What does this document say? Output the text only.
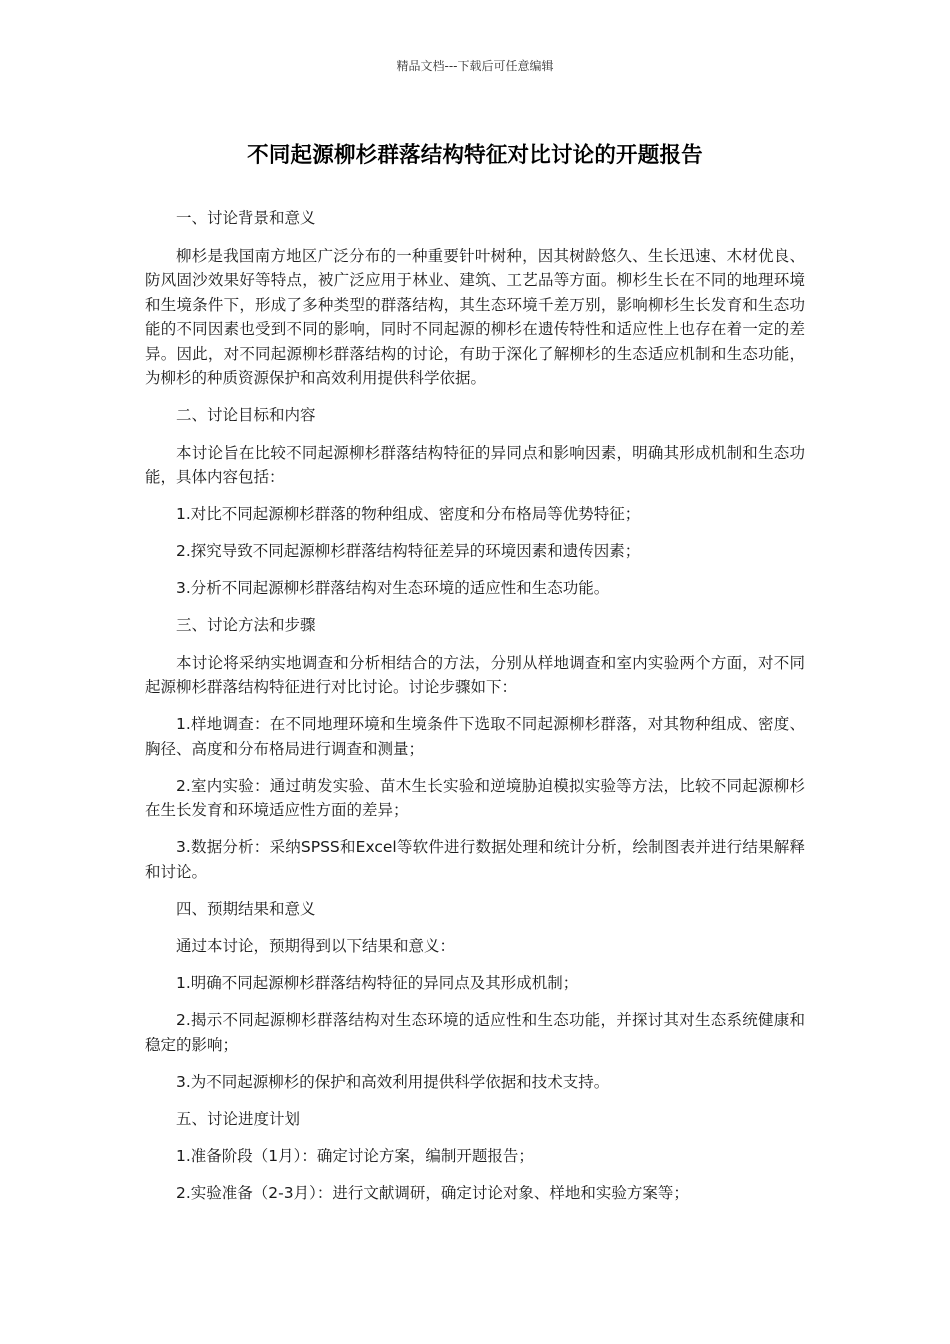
精品文档---下载后可任意编辑
不同起源柳杉群落结构特征对比讨论的开题报告

一、讨论背景和意义

柳杉是我国南方地区广泛分布的一种重要针叶树种，因其树龄悠久、生长迅速、木材优良、防风固沙效果好等特点，被广泛应用于林业、建筑、工艺品等方面。柳杉生长在不同的地理环境和生境条件下，形成了多种类型的群落结构，其生态环境千差万别，影响柳杉生长发育和生态功能的不同因素也受到不同的影响，同时不同起源的柳杉在遗传特性和适应性上也存在着一定的差异。因此，对不同起源柳杉群落结构的讨论，有助于深化了解柳杉的生态适应机制和生态功能，为柳杉的种质资源保护和高效利用提供科学依据。

二、讨论目标和内容

本讨论旨在比较不同起源柳杉群落结构特征的异同点和影响因素，明确其形成机制和生态功能，具体内容包括：

1.对比不同起源柳杉群落的物种组成、密度和分布格局等优势特征；

2.探究导致不同起源柳杉群落结构特征差异的环境因素和遗传因素；

3.分析不同起源柳杉群落结构对生态环境的适应性和生态功能。

三、讨论方法和步骤

本讨论将采纳实地调查和分析相结合的方法，分别从样地调查和室内实验两个方面，对不同起源柳杉群落结构特征进行对比讨论。讨论步骤如下：

1.样地调查：在不同地理环境和生境条件下选取不同起源柳杉群落，对其物种组成、密度、胸径、高度和分布格局进行调查和测量；

2.室内实验：通过萌发实验、苗木生长实验和逆境胁迫模拟实验等方法，比较不同起源柳杉在生长发育和环境适应性方面的差异；

3.数据分析：采纳SPSS和Excel等软件进行数据处理和统计分析，绘制图表并进行结果解释和讨论。

四、预期结果和意义

通过本讨论，预期得到以下结果和意义：

1.明确不同起源柳杉群落结构特征的异同点及其形成机制；

2.揭示不同起源柳杉群落结构对生态环境的适应性和生态功能，并探讨其对生态系统健康和稳定的影响；

3.为不同起源柳杉的保护和高效利用提供科学依据和技术支持。

五、讨论进度计划

1.准备阶段（1月）：确定讨论方案，编制开题报告；

2.实验准备（2-3月）：进行文献调研，确定讨论对象、样地和实验方案等；
